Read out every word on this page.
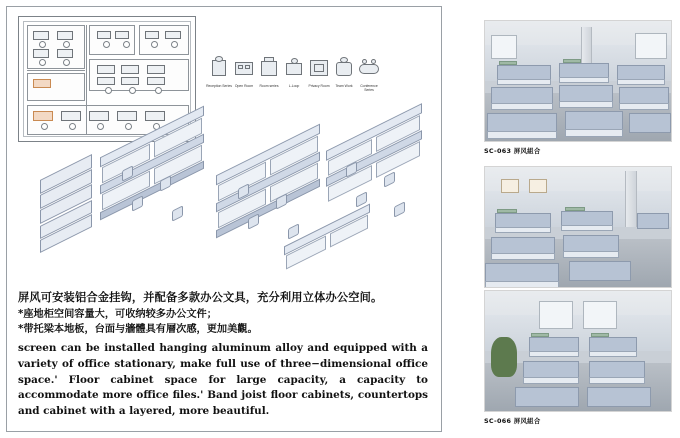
Reception Series Open Room	Room series	L-Loop	Privacy Room	Team Work	Conference Series

屏风可安装铝合金挂钩，并配备多款办公文具，充分利用立体办公空间。

*座地柜空间容量大，可收纳较多办公文件；

*带托梁本地板，台面与牆體具有層次感，更加美觀。

screen can be installed hanging aluminum alloy and equipped with a variety of office stationary, make full use of three−dimensional office space.' Floor cabinet space for large capacity, a capacity to accommodate more office files.' Band joist floor cabinets, countertops and cabinet with a layered, more beautiful.

SC-063 屏风組合
SC-066 屏风組合
